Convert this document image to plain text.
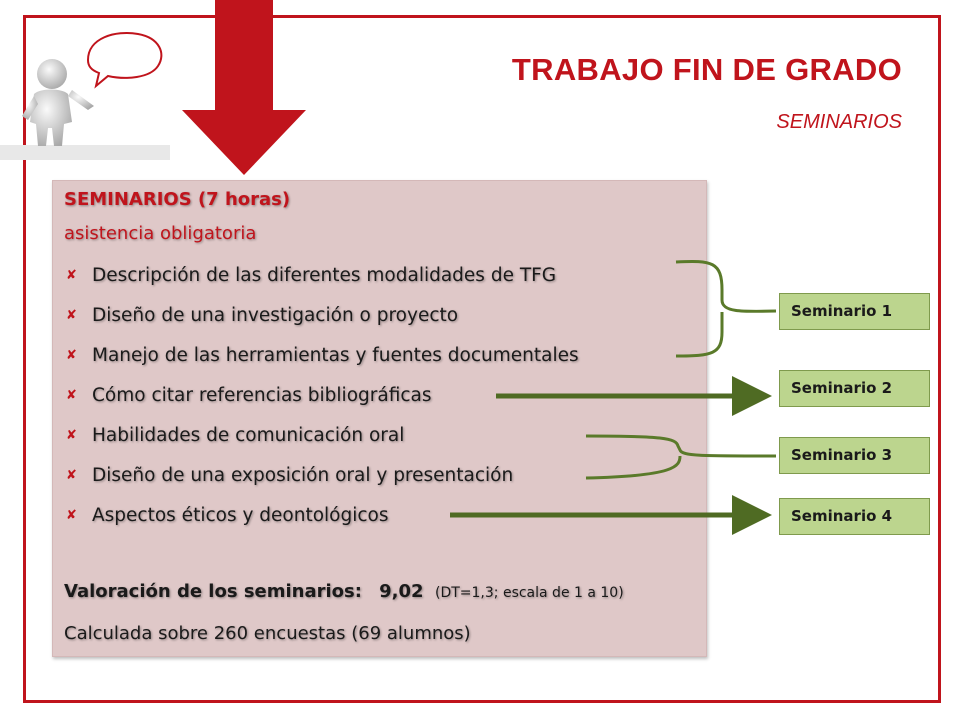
TRABAJO FIN DE GRADO
SEMINARIOS
SEMINARIOS (7 horas)
asistencia obligatoria
✘ Descripción de las diferentes modalidades de TFG
✘ Diseño de una investigación o proyecto
✘ Manejo de las herramientas y fuentes documentales
✘ Cómo citar referencias bibliográficas
✘ Habilidades de comunicación oral
✘ Diseño de una exposición oral y presentación
✘ Aspectos éticos y deontológicos
Valoración de los seminarios: 9,02 (DT=1,3; escala de 1 a 10)
Calculada sobre 260 encuestas (69 alumnos)
Seminario 1
Seminario 2
Seminario 3
Seminario 4
